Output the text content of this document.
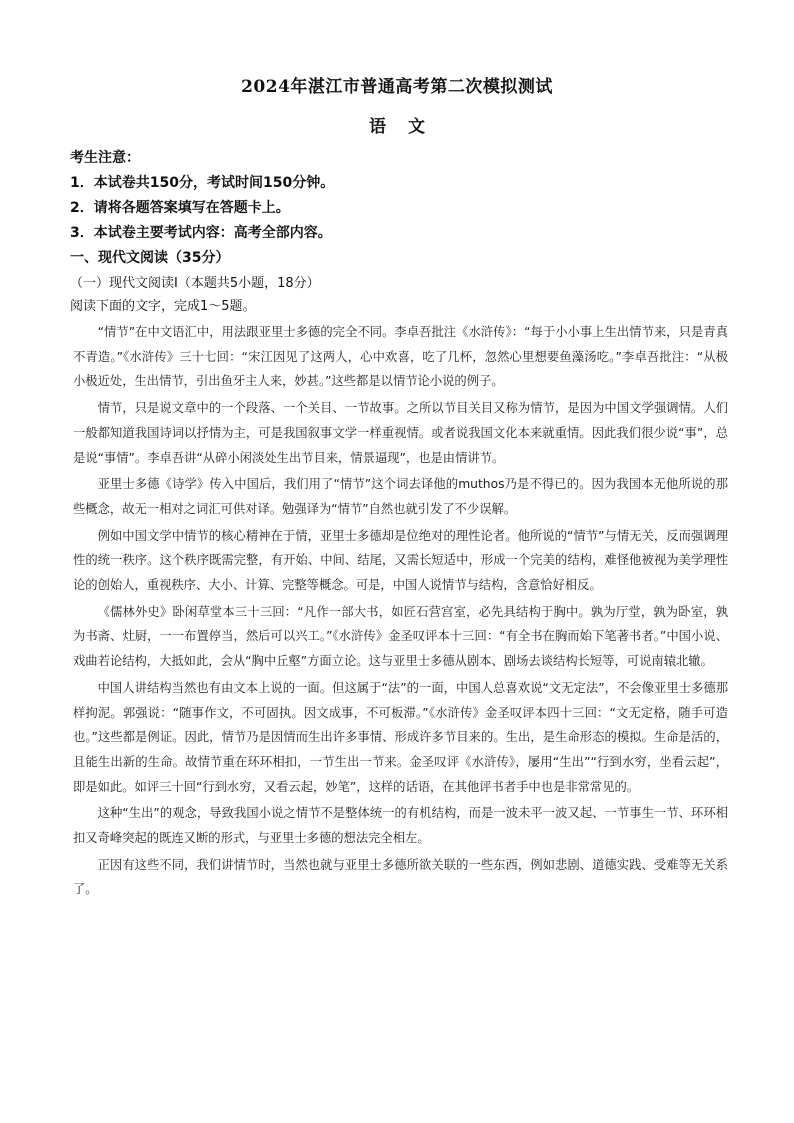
2024年湛江市普通高考第二次模拟测试
语文
考生注意：
1．本试卷共150分，考试时间150分钟。
2．请将各题答案填写在答题卡上。
3．本试卷主要考试内容：高考全部内容。
一、现代文阅读（35分）
（一）现代文阅读Ⅰ（本题共5小题，18分）
阅读下面的文字，完成1～5题。

“情节”在中文语汇中，用法跟亚里士多德的完全不同。李卓吾批注《水浒传》：“每于小小事上生出情节来，只是青真不青造。”《水浒传》三十七回：“宋江因见了这两人，心中欢喜，吃了几杯，忽然心里想要鱼藻汤吃。”李卓吾批注：“从极小极近处，生出情节，引出鱼牙主人来，妙甚。”这些都是以情节论小说的例子。

情节，只是说文章中的一个段落、一个关目、一节故事。之所以节目关目又称为情节，是因为中国文学强调情。人们一般都知道我国诗词以抒情为主，可是我国叙事文学一样重视情。或者说我国文化本来就重情。因此我们很少说“事”，总是说“事情”。李卓吾讲“从碎小闲淡处生出节目来，情景逼现”，也是由情讲节。

亚里士多德《诗学》传入中国后，我们用了“情节”这个词去译他的muthos乃是不得已的。因为我国本无他所说的那些概念，故无一相对之词汇可供对译。勉强译为“情节”自然也就引发了不少误解。

例如中国文学中情节的核心精神在于情，亚里士多德却是位绝对的理性论者。他所说的“情节”与情无关，反而强调理性的统一秩序。这个秩序既需完整，有开始、中间、结尾，又需长短适中，形成一个完美的结构，难怪他被视为美学理性论的创始人，重视秩序、大小、计算、完整等概念。可是，中国人说情节与结构，含意恰好相反。

《儒林外史》卧闲草堂本三十三回：“凡作一部大书，如匠石营宫室，必先具结构于胸中。孰为厅堂，孰为卧室，孰为书斋、灶厨，一一布置停当，然后可以兴工。”《水浒传》金圣叹评本十三回：“有全书在胸而始下笔著书者。”中国小说、戏曲若论结构，大抵如此，会从“胸中丘壑”方面立论。这与亚里士多德从剧本、剧场去谈结构长短等，可说南辕北辙。

中国人讲结构当然也有由文本上说的一面。但这属于“法”的一面，中国人总喜欢说“文无定法”，不会像亚里士多德那样拘泥。郭强说：“随事作文，不可固执。因文成事，不可板滞。”《水浒传》金圣叹评本四十三回：“文无定格，随手可造也。”这些都是例证。因此，情节乃是因情而生出许多事情、形成许多节目来的。生出，是生命形态的模拟。生命是活的，且能生出新的生命。故情节重在环环相扣，一节生出一节来。金圣叹评《水浒传》，屡用“生出”“行到水穷，坐看云起”，即是如此。如评三十回“行到水穷，又看云起，妙笔”，这样的话语，在其他评书者手中也是非常常见的。

这种“生出”的观念，导致我国小说之情节不是整体统一的有机结构，而是一波未平一波又起、一节事生一节、环环相扣又奇峰突起的既连又断的形式，与亚里士多德的想法完全相左。

正因有这些不同，我们讲情节时，当然也就与亚里士多德所欲关联的一些东西，例如悲剧、道德实践、受难等无关系了。
